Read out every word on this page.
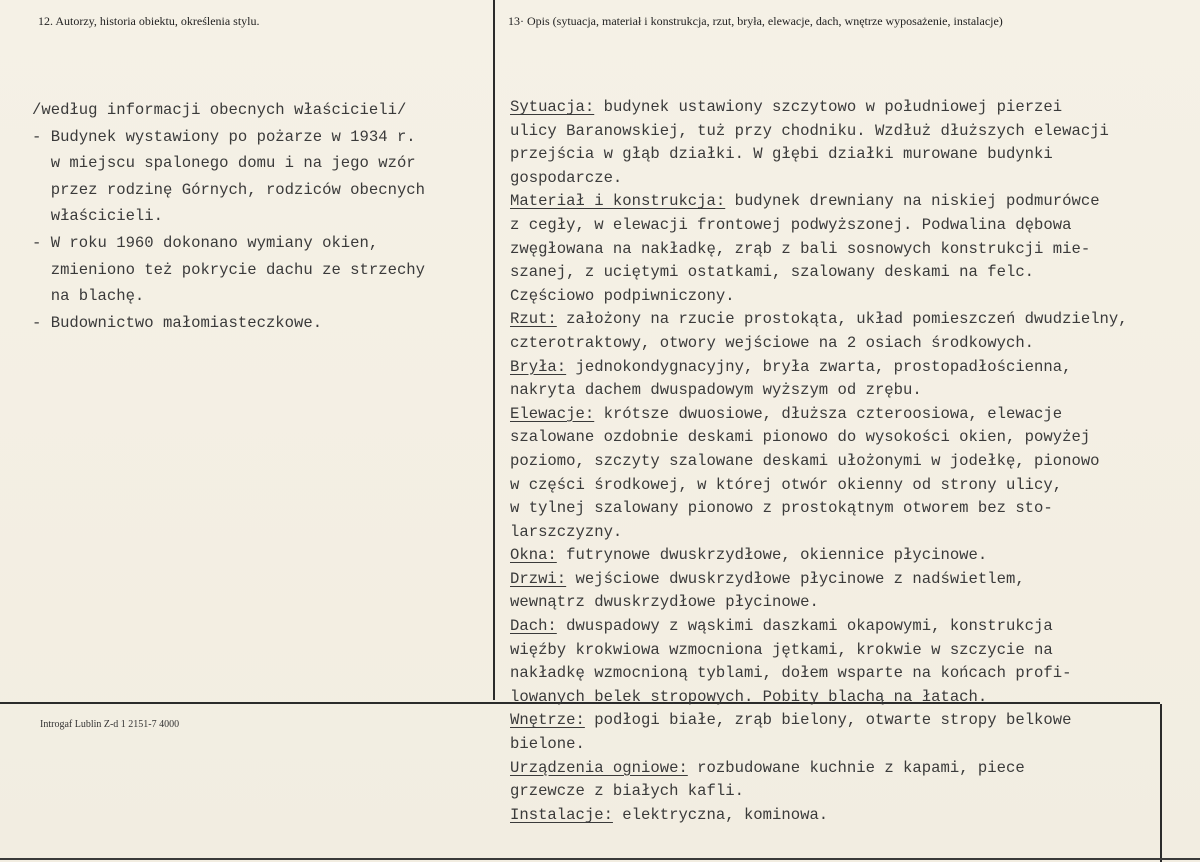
12. Autorzy, historia obiektu, określenia stylu.	13· Opis (sytuacja, materiał i konstrukcja, rzut, bryła, elewacje, dach, wnętrze wyposażenie, instalacje)
Introgaf Lublin Z-d 1 2151-7 4000
/według informacji obecnych właścicieli/
- Budynek wystawiony po pożarze w 1934 r.
w miejscu spalonego domu i na jego wzór
przez rodzinę Górnych, rodziców obecnych
właścicieli.
- W roku 1960 dokonano wymiany okien,
zmieniono też pokrycie dachu ze strzechy
na blachę.
- Budownictwo małomiasteczkowe.
Sytuacja: budynek ustawiony szczytowo w południowej pierzei
ulicy Baranowskiej, tuż przy chodniku. Wzdłuż dłuższych elewacji
przejścia w głąb działki. W głębi działki murowane budynki
gospodarcze.
Materiał i konstrukcja: budynek drewniany na niskiej podmurówce
z cegły, w elewacji frontowej podwyższonej. Podwalina dębowa
zwęgłowana na nakładkę, zrąb z bali sosnowych konstrukcji mie-
szanej, z uciętymi ostatkami, szalowany deskami na felc.
Częściowo podpiwniczony.
Rzut: założony na rzucie prostokąta, układ pomieszczeń dwudzielny,
czterotraktowy, otwory wejściowe na 2 osiach środkowych.
Bryła: jednokondygnacyjny, bryła zwarta, prostopadłościenna,
nakryta dachem dwuspadowym wyższym od zrębu.
Elewacje: krótsze dwuosiowe, dłuższa czteroosiowa, elewacje
szalowane ozdobnie deskami pionowo do wysokości okien, powyżej
poziomo, szczyty szalowane deskami ułożonymi w jodełkę, pionowo
w części środkowej, w której otwór okienny od strony ulicy,
w tylnej szalowany pionowo z prostokątnym otworem bez sto-
larszczyzny.
Okna: futrynowe dwuskrzydłowe, okiennice płycinowe.
Drzwi: wejściowe dwuskrzydłowe płycinowe z nadświetlem,
wewnątrz dwuskrzydłowe płycinowe.
Dach: dwuspadowy z wąskimi daszkami okapowymi, konstrukcja
więźby krokwiowa wzmocniona jętkami, krokwie w szczycie na
nakładkę wzmocnioną tyblami, dołem wsparte na końcach profi-
lowanych belek stropowych. Pobity blachą na łatach.
Wnętrze: podłogi białe, zrąb bielony, otwarte stropy belkowe
bielone.
Urządzenia ogniowe: rozbudowane kuchnie z kapami, piece
grzewcze z białych kafli.
Instalacje: elektryczna, kominowa.
